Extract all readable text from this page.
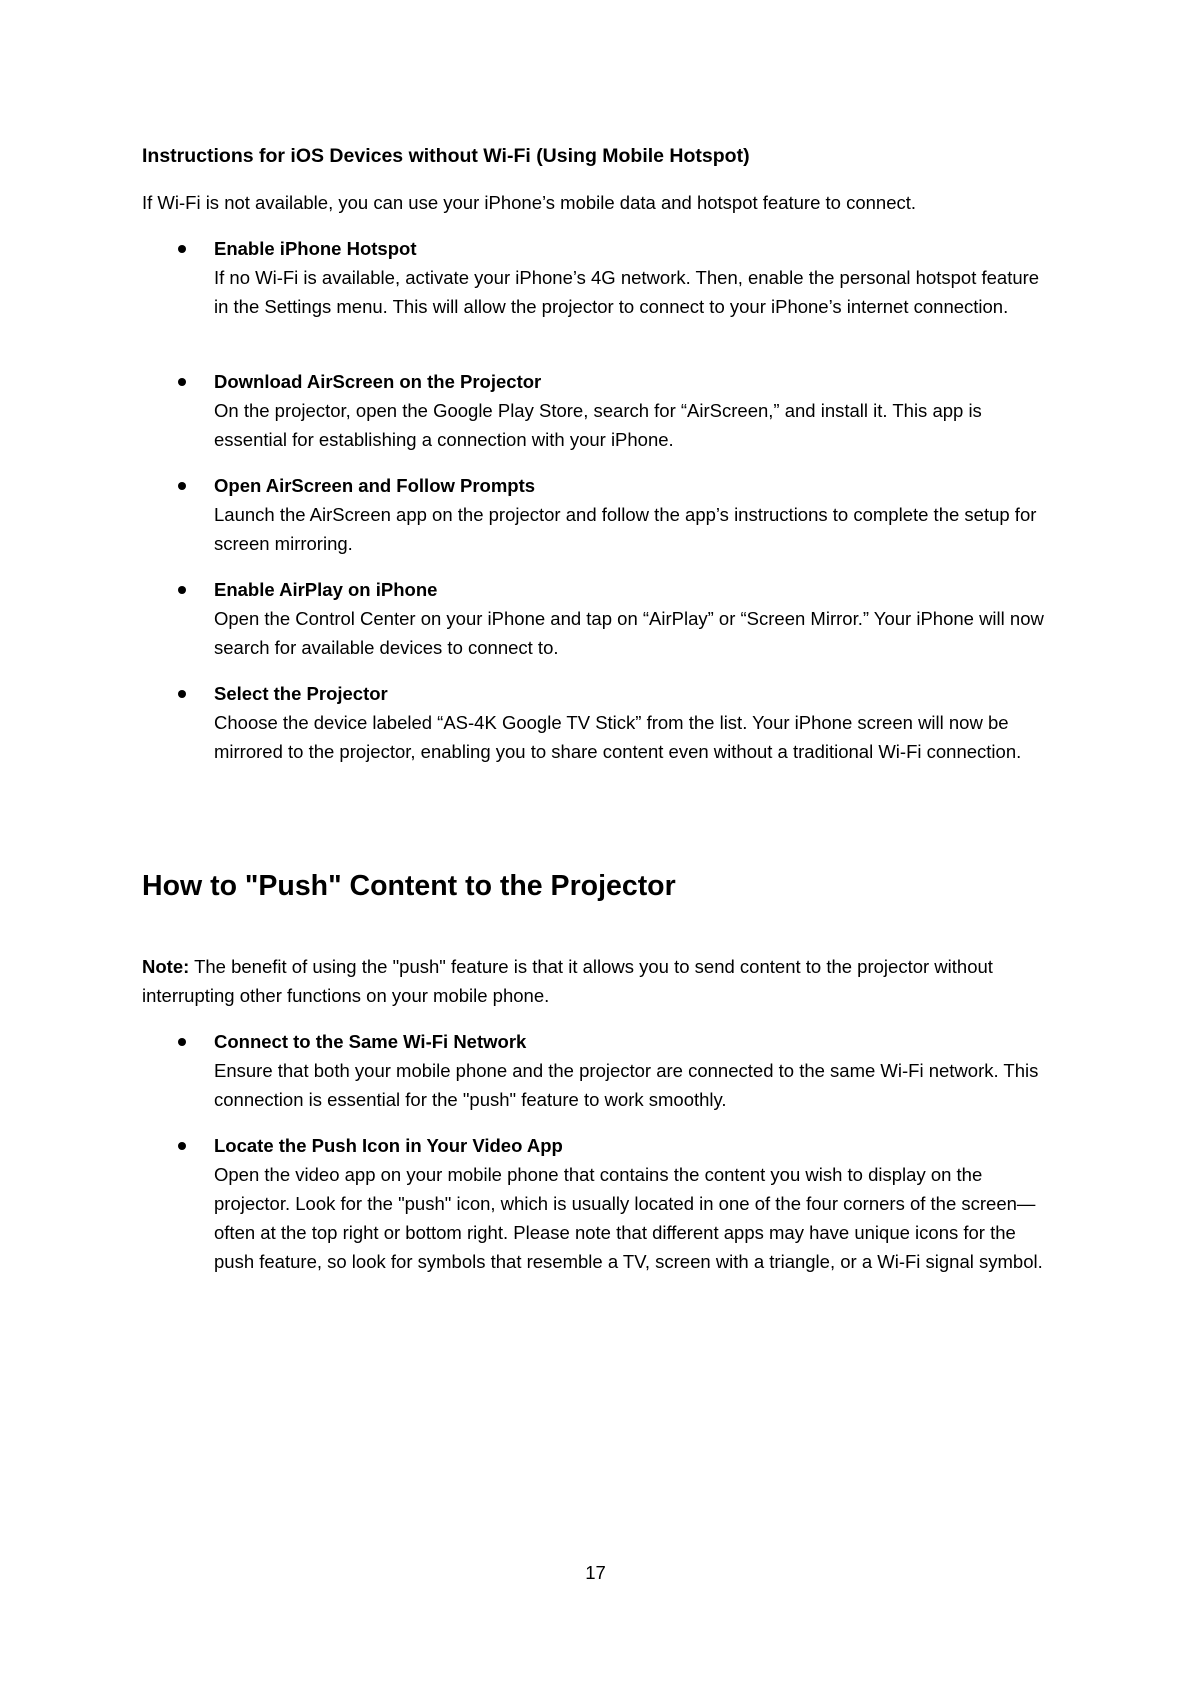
Instructions for iOS Devices without Wi-Fi (Using Mobile Hotspot)

If Wi-Fi is not available, you can use your iPhone’s mobile data and hotspot feature to connect.

Enable iPhone Hotspot
If no Wi-Fi is available, activate your iPhone’s 4G network. Then, enable the personal hotspot feature in the Settings menu. This will allow the projector to connect to your iPhone’s internet connection.
Download AirScreen on the Projector
On the projector, open the Google Play Store, search for “AirScreen,” and install it. This app is essential for establishing a connection with your iPhone.
Open AirScreen and Follow Prompts
Launch the AirScreen app on the projector and follow the app’s instructions to complete the setup for screen mirroring.
Enable AirPlay on iPhone
Open the Control Center on your iPhone and tap on “AirPlay” or “Screen Mirror.” Your iPhone will now search for available devices to connect to.
Select the Projector
Choose the device labeled “AS-4K Google TV Stick” from the list. Your iPhone screen will now be mirrored to the projector, enabling you to share content even without a traditional Wi-Fi connection.
How to "Push" Content to the Projector

Note: The benefit of using the "push" feature is that it allows you to send content to the projector without interrupting other functions on your mobile phone.

Connect to the Same Wi-Fi Network
Ensure that both your mobile phone and the projector are connected to the same Wi-Fi network. This connection is essential for the "push" feature to work smoothly.
Locate the Push Icon in Your Video App
Open the video app on your mobile phone that contains the content you wish to display on the projector. Look for the "push" icon, which is usually located in one of the four corners of the screen—often at the top right or bottom right. Please note that different apps may have unique icons for the push feature, so look for symbols that resemble a TV, screen with a triangle, or a Wi-Fi signal symbol.
17
